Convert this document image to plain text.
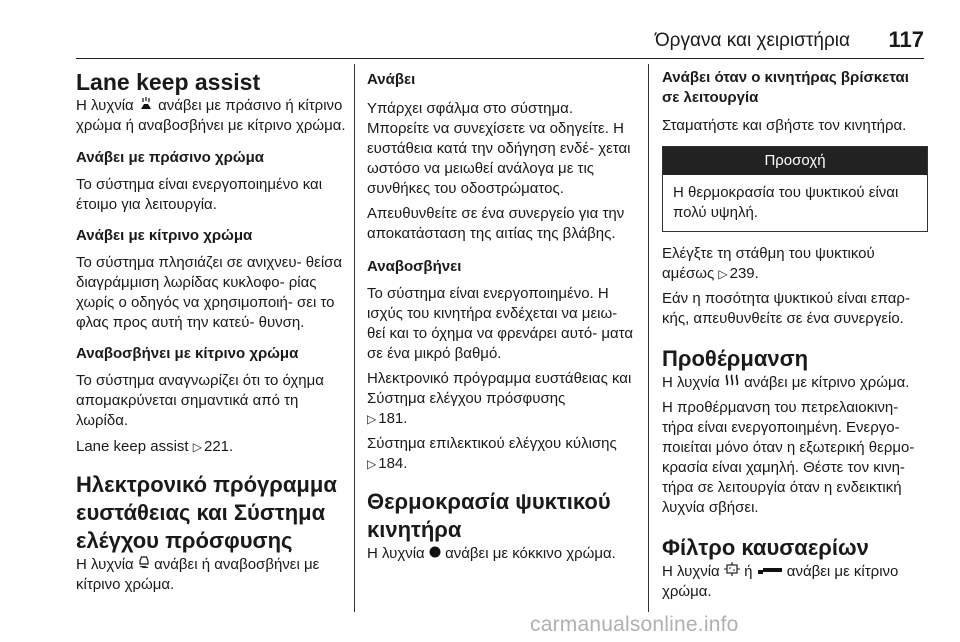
Όργανα και χειριστήρια 117
Lane keep assist

Η λυχνία ανάβει με πράσινο ή κίτρινο χρώμα ή αναβοσβήνει με κίτρινο χρώμα.

Ανάβει με πράσινο χρώμα

Το σύστημα είναι ενεργοποιημένο και έτοιμο για λειτουργία.

Ανάβει με κίτρινο χρώμα

Το σύστημα πλησιάζει σε ανιχνευ- θείσα διαγράμμιση λωρίδας κυκλοφο- ρίας χωρίς ο οδηγός να χρησιμοποιή- σει το φλας προς αυτή την κατεύ- θυνση.

Αναβοσβήνει με κίτρινο χρώμα

Το σύστημα αναγνωρίζει ότι το όχημα απομακρύνεται σημαντικά από τη λωρίδα.

Lane keep assist ▷ 221.

Ηλεκτρονικό πρόγραμμα ευστάθειας και Σύστημα ελέγχου πρόσφυσης

Η λυχνία ανάβει ή αναβοσβήνει με κίτρινο χρώμα.

Ανάβει

Υπάρχει σφάλμα στο σύστημα. Μπορείτε να συνεχίσετε να οδηγείτε. Η ευστάθεια κατά την οδήγηση ενδέ- χεται ωστόσο να μειωθεί ανάλογα με τις συνθήκες του οδοστρώματος.

Απευθυνθείτε σε ένα συνεργείο για την αποκατάσταση της αιτίας της βλάβης.

Αναβοσβήνει

Το σύστημα είναι ενεργοποιημένο. Η ισχύς του κινητήρα ενδέχεται να μειω- θεί και το όχημα να φρενάρει αυτό- ματα σε ένα μικρό βαθμό.

Ηλεκτρονικό πρόγραμμα ευστάθειας και Σύστημα ελέγχου πρόσφυσης
▷ 181.

Σύστημα επιλεκτικού ελέγχου κύλισης
▷ 184.

Θερμοκρασία ψυκτικού κινητήρα

Η λυχνία ανάβει με κόκκινο χρώμα.

Ανάβει όταν ο κινητήρας βρίσκεται σε λειτουργία

Σταματήστε και σβήστε τον κινητήρα.

Προσοχή
Η θερμοκρασία του ψυκτικού είναι πολύ υψηλή.

Ελέγξτε τη στάθμη του ψυκτικού αμέσως ▷ 239.

Εάν η ποσότητα ψυκτικού είναι επαρ- κής, απευθυνθείτε σε ένα συνεργείο.

Προθέρμανση

Η λυχνία ανάβει με κίτρινο χρώμα.

Η προθέρμανση του πετρελαιοκινη- τήρα είναι ενεργοποιημένη. Ενεργο- ποιείται μόνο όταν η εξωτερική θερμο- κρασία είναι χαμηλή. Θέστε τον κινη- τήρα σε λειτουργία όταν η ενδεικτική λυχνία σβήσει.

Φίλτρο καυσαερίων

Η λυχνία ή ανάβει με κίτρινο χρώμα.

carmanualsonline.info
